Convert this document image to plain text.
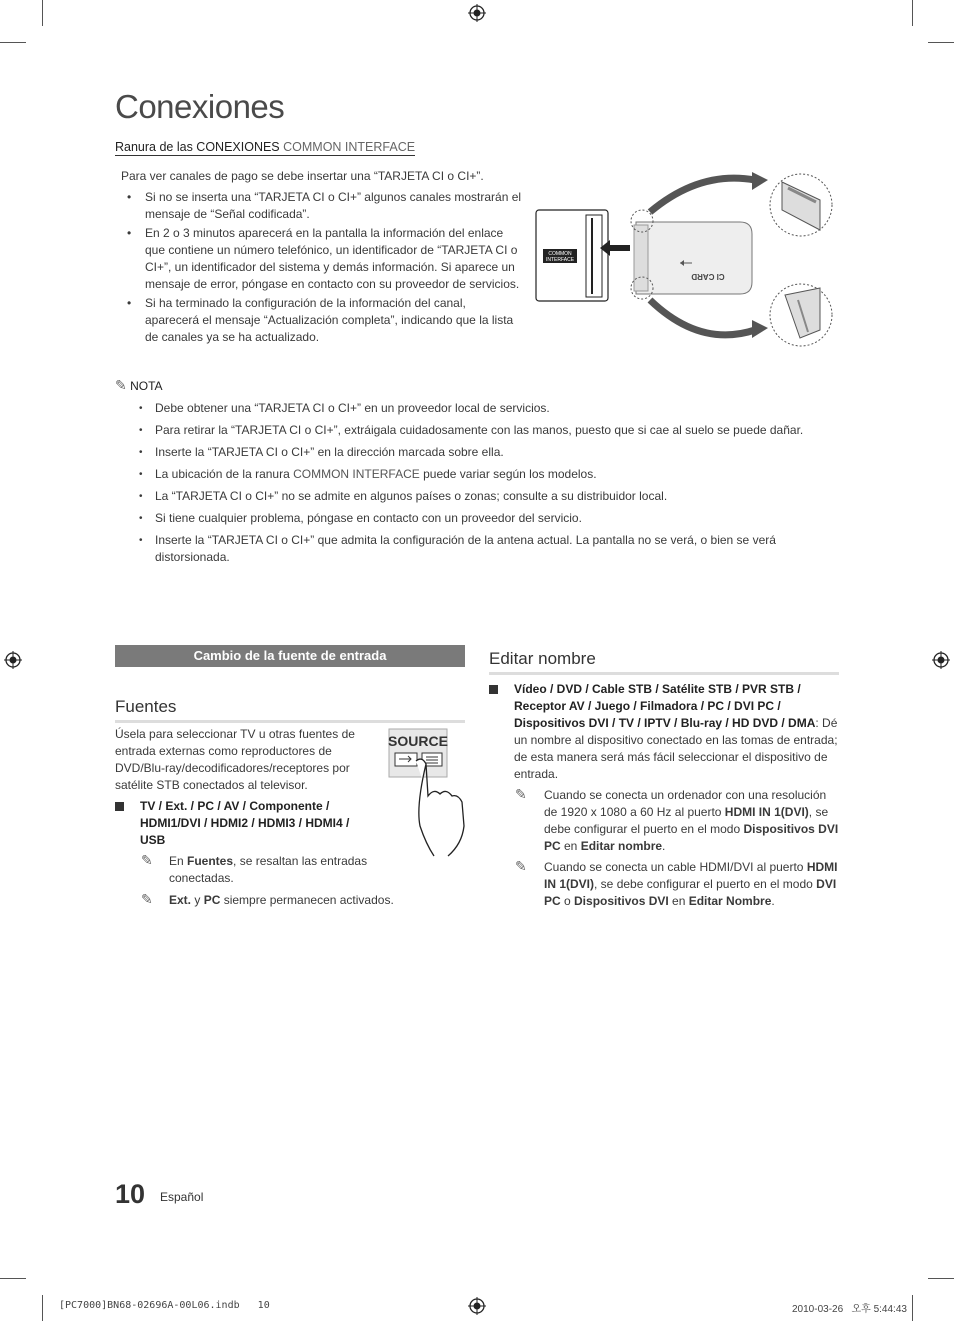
Conexiones
Ranura de las CONEXIONES COMMON INTERFACE
Para ver canales de pago se debe insertar una “TARJETA CI o CI+”.
• Si no se inserta una “TARJETA CI o CI+” algunos canales mostrarán el mensaje de “Señal codificada”.
• En 2 o 3 minutos aparecerá en la pantalla la información del enlace que contiene un número telefónico, un identificador de “TARJETA CI o CI+”, un identificador del sistema y demás información. Si aparece un mensaje de error, póngase en contacto con su proveedor de servicios.
• Si ha terminado la configuración de la información del canal, aparecerá el mensaje “Actualización completa”, indicando que la lista de canales ya se ha actualizado.
COMMON
INTERFACE
CI CARD
✎ NOTA
• Debe obtener una “TARJETA CI o CI+” en un proveedor local de servicios.
• Para retirar la “TARJETA CI o CI+”, extráigala cuidadosamente con las manos, puesto que si cae al suelo se puede dañar.
• Inserte la “TARJETA CI o CI+” en la dirección marcada sobre ella.
• La ubicación de la ranura COMMON INTERFACE puede variar según los modelos.
• La “TARJETA CI o CI+” no se admite en algunos países o zonas; consulte a su distribuidor local.
• Si tiene cualquier problema, póngase en contacto con un proveedor del servicio.
• Inserte la “TARJETA CI o CI+” que admita la configuración de la antena actual. La pantalla no se verá, o bien se verá distorsionada.
Cambio de la fuente de entrada
Fuentes
Úsela para seleccionar TV u otras fuentes de entrada externas como reproductores de DVD/Blu-ray/decodificadores/receptores por satélite STB conectados al televisor.
SOURCE
TV / Ext. / PC / AV / Componente / HDMI1/DVI / HDMI2 / HDMI3 / HDMI4 / USB
✎ En Fuentes, se resaltan las entradas conectadas.
✎ Ext. y PC siempre permanecen activados.
Editar nombre
Vídeo / DVD / Cable STB / Satélite STB / PVR STB / Receptor AV / Juego / Filmadora / PC / DVI PC / Dispositivos DVI / TV / IPTV / Blu-ray / HD DVD / DMA: Dé un nombre al dispositivo conectado en las tomas de entrada; de esta manera será más fácil seleccionar el dispositivo de entrada.
✎ Cuando se conecta un ordenador con una resolución de 1920 x 1080 a 60 Hz al puerto HDMI IN 1(DVI), se debe configurar el puerto en el modo Dispositivos DVI PC en Editar nombre.
✎ Cuando se conecta un cable HDMI/DVI al puerto HDMI IN 1(DVI), se debe configurar el puerto en el modo DVI PC o Dispositivos DVI en Editar Nombre.
10 Español
[PC7000]BN68-02696A-00L06.indb   10	2010-03-26   오후 5:44:43
